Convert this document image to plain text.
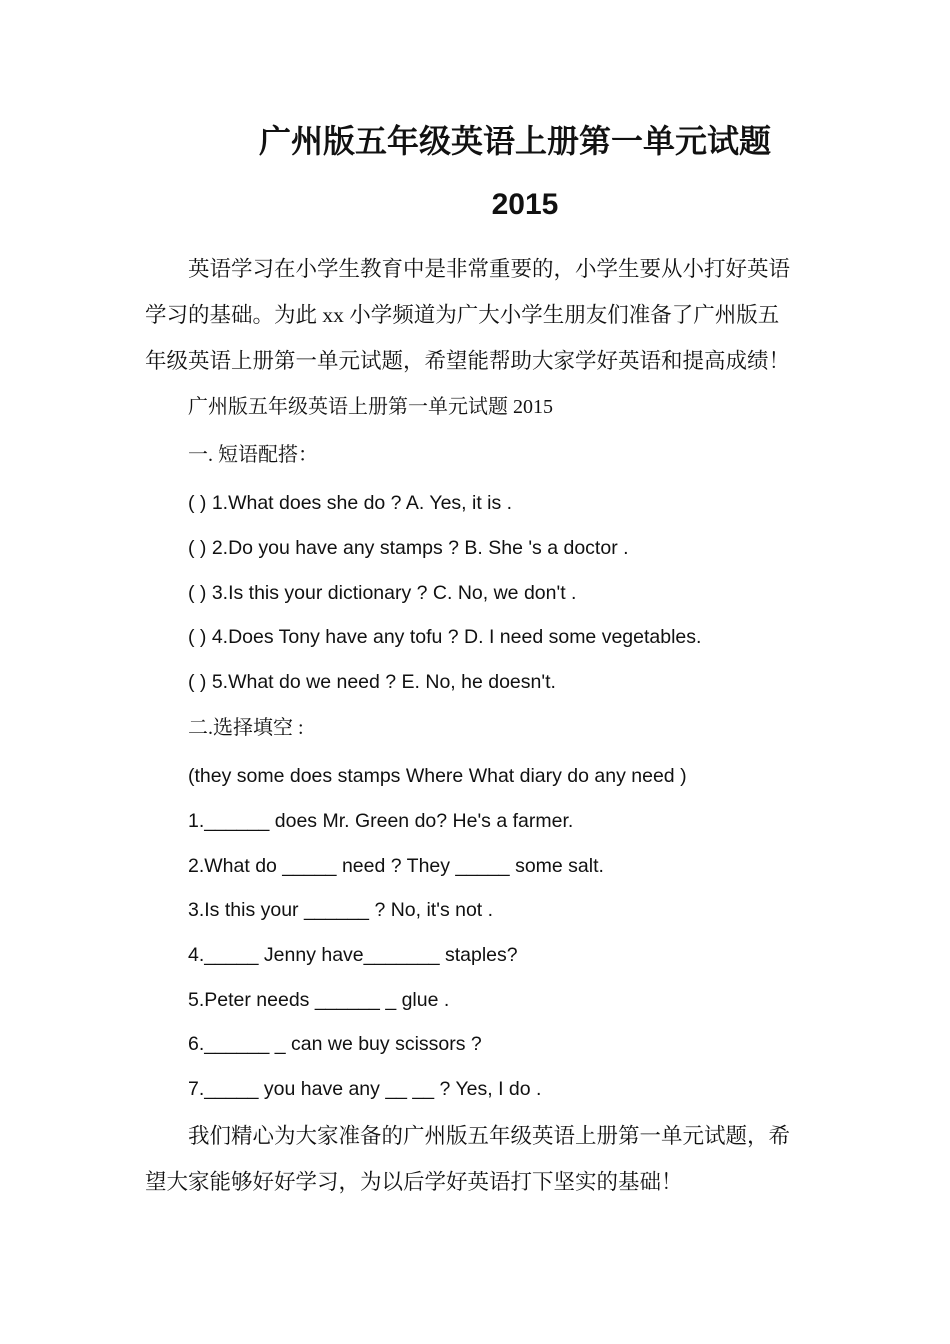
广州版五年级英语上册第一单元试题
2015

英语学习在小学生教育中是非常重要的，小学生要从小打好英语

学习的基础。为此 xx 小学频道为广大小学生朋友们准备了广州版五

年级英语上册第一单元试题，希望能帮助大家学好英语和提高成绩！

广州版五年级英语上册第一单元试题 2015

一. 短语配搭：

( ) 1.What does she do ? A. Yes, it is .

( ) 2.Do you have any stamps ? B. She 's a doctor .

( ) 3.Is this your dictionary ? C. No, we don't .

( ) 4.Does Tony have any tofu ? D. I need some vegetables.

( ) 5.What do we need ? E. No, he doesn't.

二.选择填空 :

(they some does stamps Where What diary do any need )

1.______ does Mr. Green do? He's a farmer.

2.What do _____ need ? They _____ some salt.

3.Is this your ______ ? No, it's not .

4._____ Jenny have_______ staples?

5.Peter needs ______ _ glue .

6.______ _ can we buy scissors ?

7._____ you have any __ __ ? Yes, I do .

我们精心为大家准备的广州版五年级英语上册第一单元试题，希

望大家能够好好学习，为以后学好英语打下坚实的基础！
